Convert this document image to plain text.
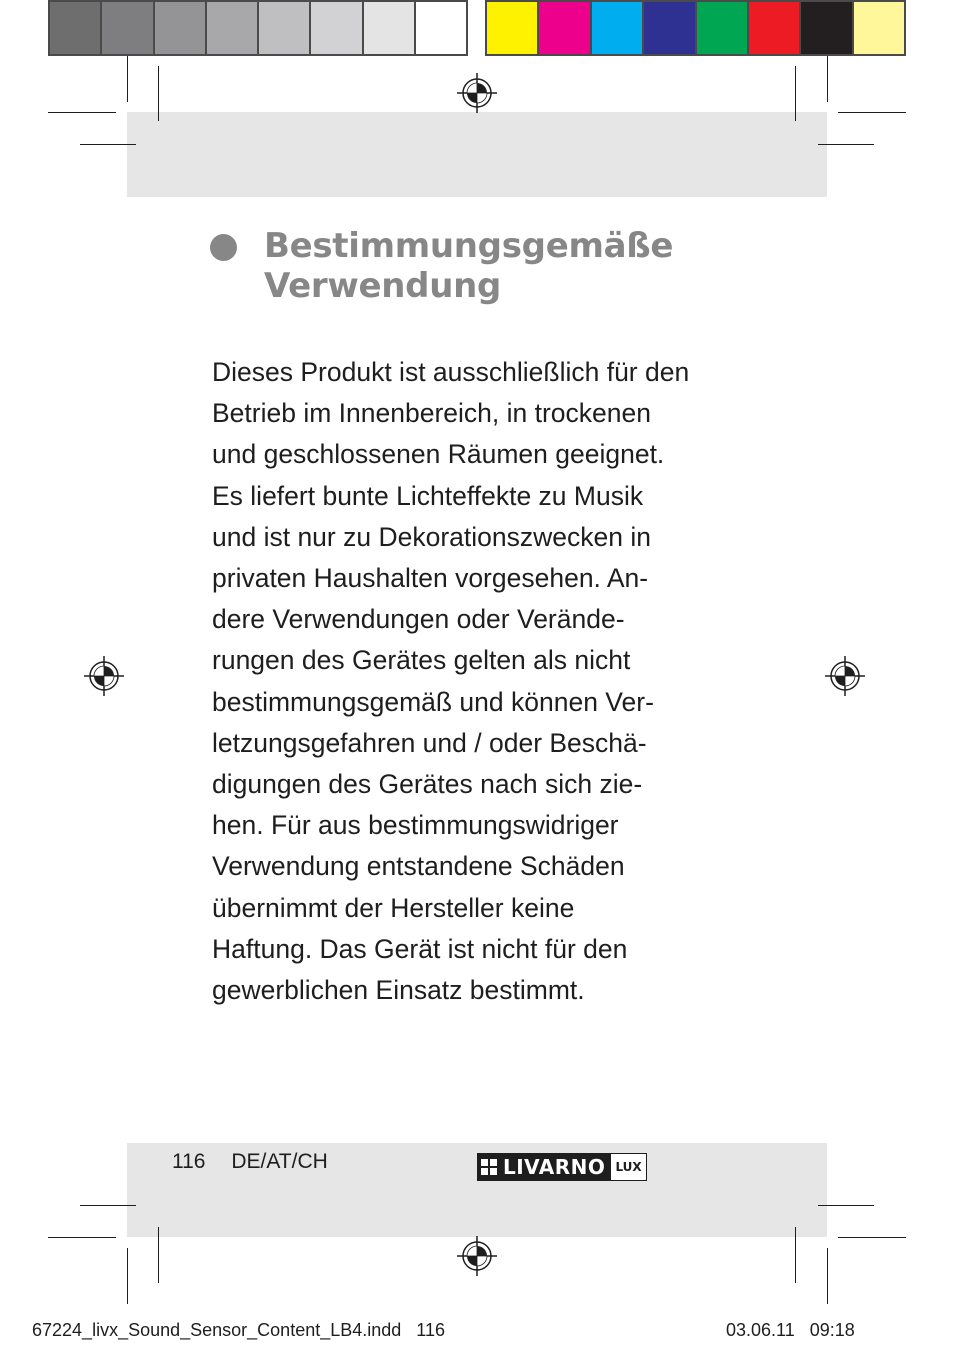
Bestimmungsgemäße
Verwendung

Dieses Produkt ist ausschließlich für den
Betrieb im Innenbereich, in trockenen
und geschlossenen Räumen geeignet.
Es liefert bunte Lichteffekte zu Musik
und ist nur zu Dekorationszwecken in
privaten Haushalten vorgesehen. An-
dere Verwendungen oder Verände-
rungen des Gerätes gelten als nicht
bestimmungsgemäß und können Ver-
letzungsgefahren und / oder Beschä-
digungen des Gerätes nach sich zie-
hen. Für aus bestimmungswidriger
Verwendung entstandene Schäden
übernimmt der Hersteller keine
Haftung. Das Gerät ist nicht für den
gewerblichen Einsatz bestimmt.

116 DE/AT/CH	LIVARNO LUX
67224_livx_Sound_Sensor_Content_LB4.indd   116	03.06.11   09:18
